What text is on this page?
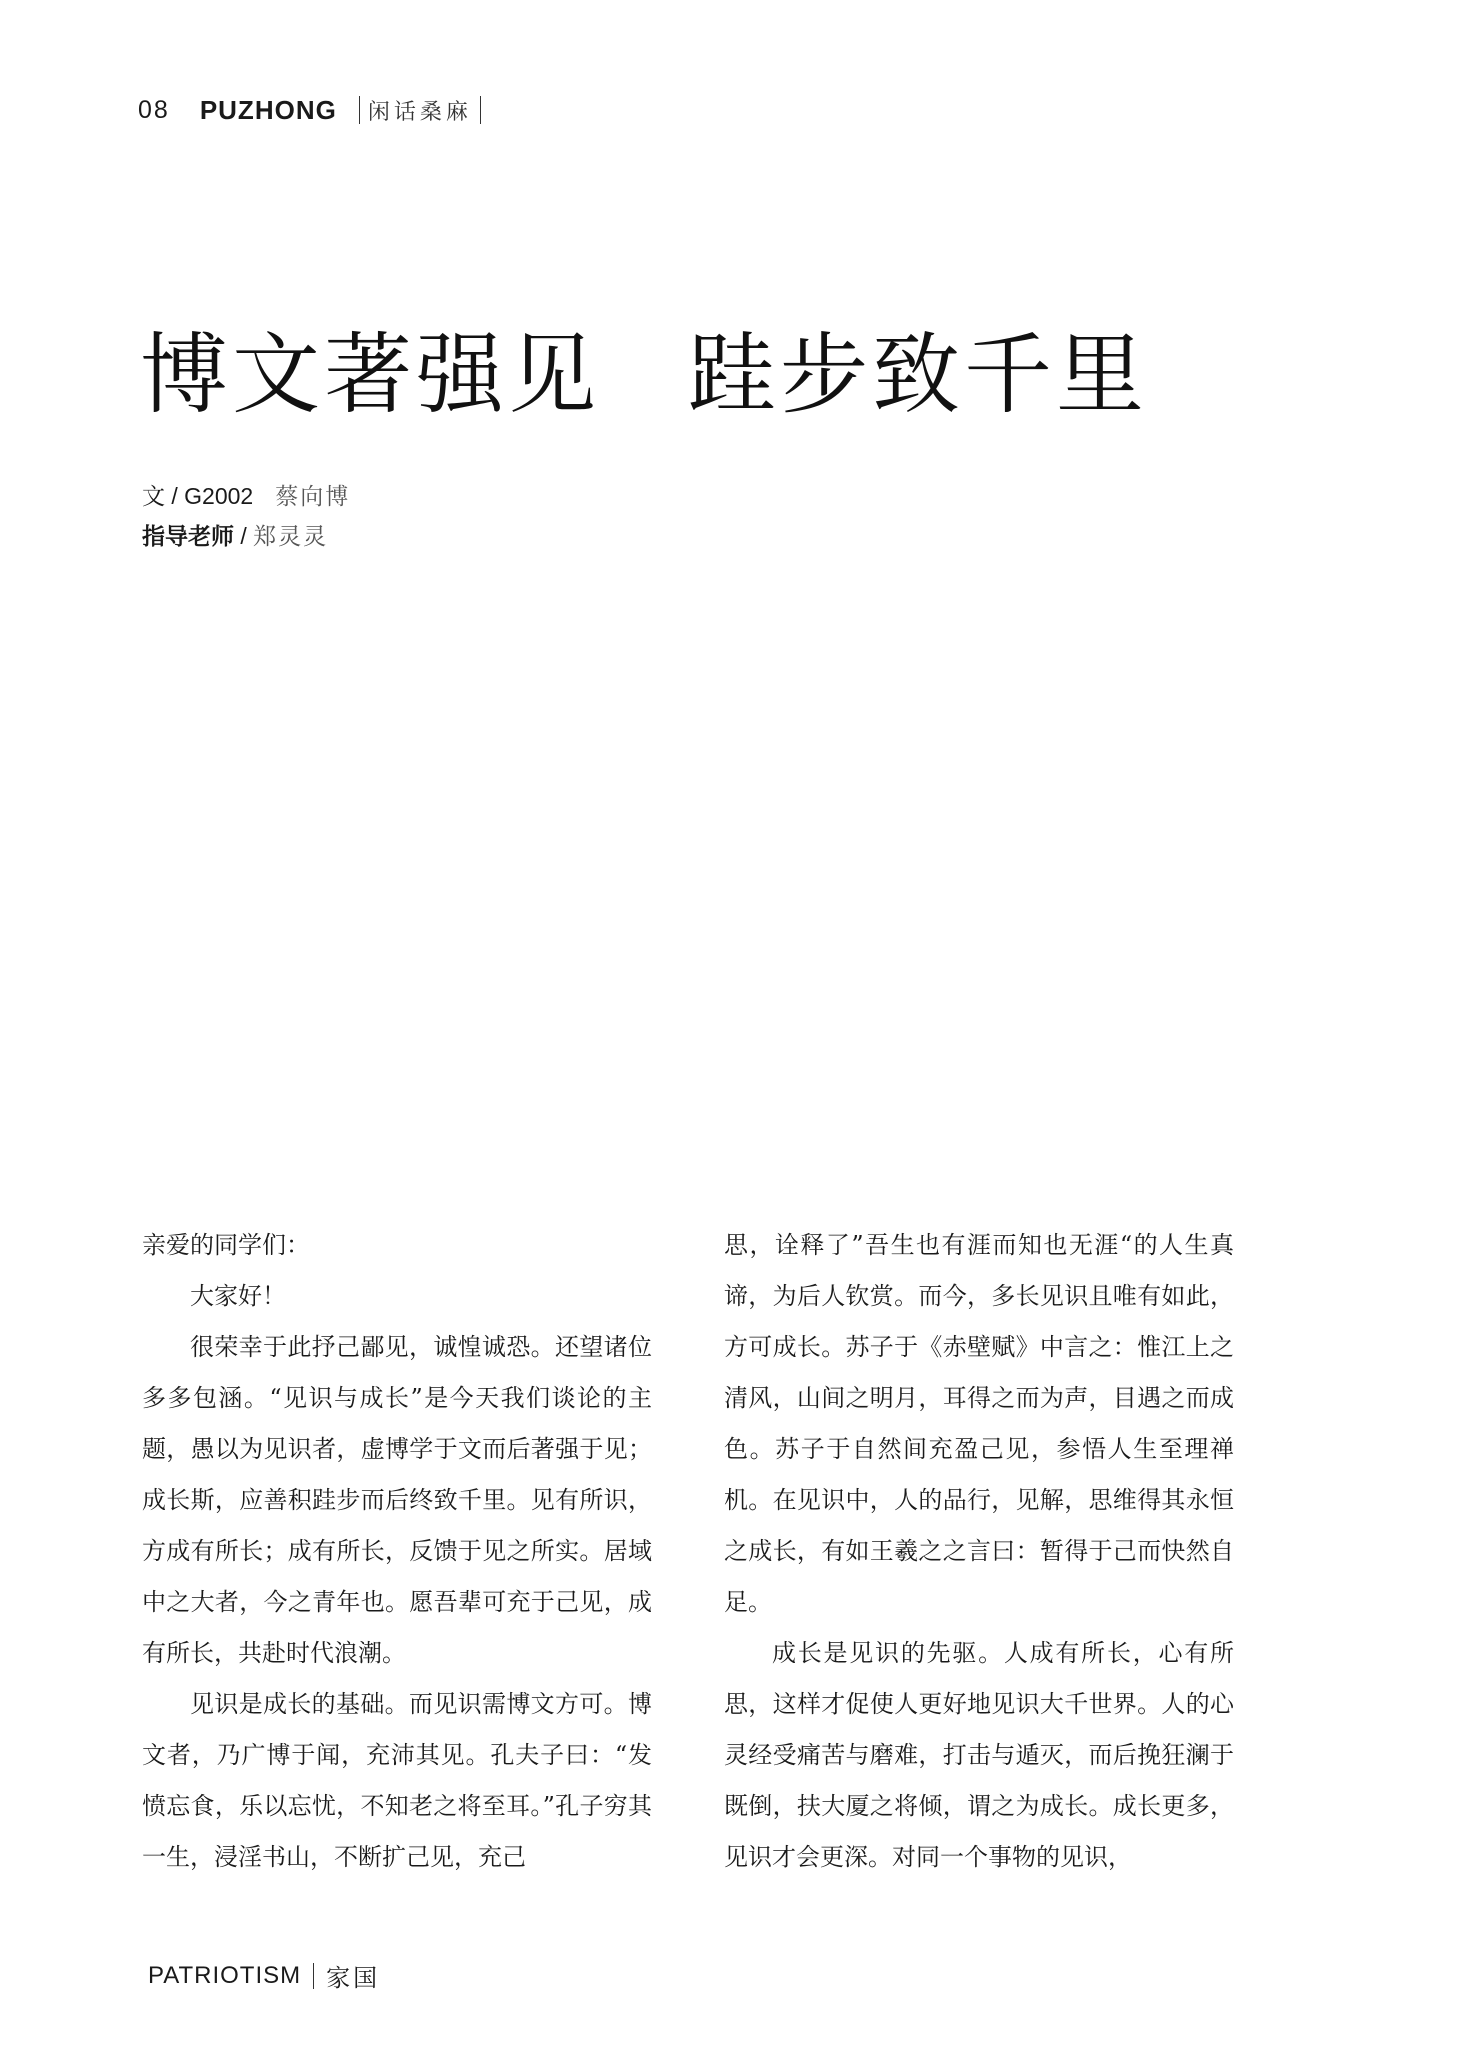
08 PUZHONG 闲话桑麻
博文著强见 跬步致千里
文 / G2002 蔡向博
指导老师 / 郑灵灵

亲爱的同学们：

大家好！

很荣幸于此抒己鄙见，诚惶诚恐。还望诸位多多包涵。“见识与成长”是今天我们谈论的主题，愚以为见识者，虚博学于文而后著强于见；成长斯，应善积跬步而后终致千里。见有所识，方成有所长；成有所长，反馈于见之所实。居域中之大者，今之青年也。愿吾辈可充于己见，成有所长，共赴时代浪潮。

见识是成长的基础。而见识需博文方可。博文者，乃广博于闻，充沛其见。孔夫子曰：“发愤忘食，乐以忘忧，不知老之将至耳。”孔子穷其一生，浸淫书山，不断扩己见，充己

思，诠释了”吾生也有涯而知也无涯“的人生真谛，为后人钦赏。而今，多长见识且唯有如此，方可成长。苏子于《赤壁赋》中言之：惟江上之清风，山间之明月，耳得之而为声，目遇之而成色。苏子于自然间充盈己见，参悟人生至理禅机。在见识中，人的品行，见解，思维得其永恒之成长，有如王羲之之言曰：暂得于己而快然自足。

成长是见识的先驱。人成有所长，心有所思，这样才促使人更好地见识大千世界。人的心灵经受痛苦与磨难，打击与遁灭，而后挽狂澜于既倒，扶大厦之将倾，谓之为成长。成长更多，见识才会更深。对同一个事物的见识，

PATRIOTISM 家国
